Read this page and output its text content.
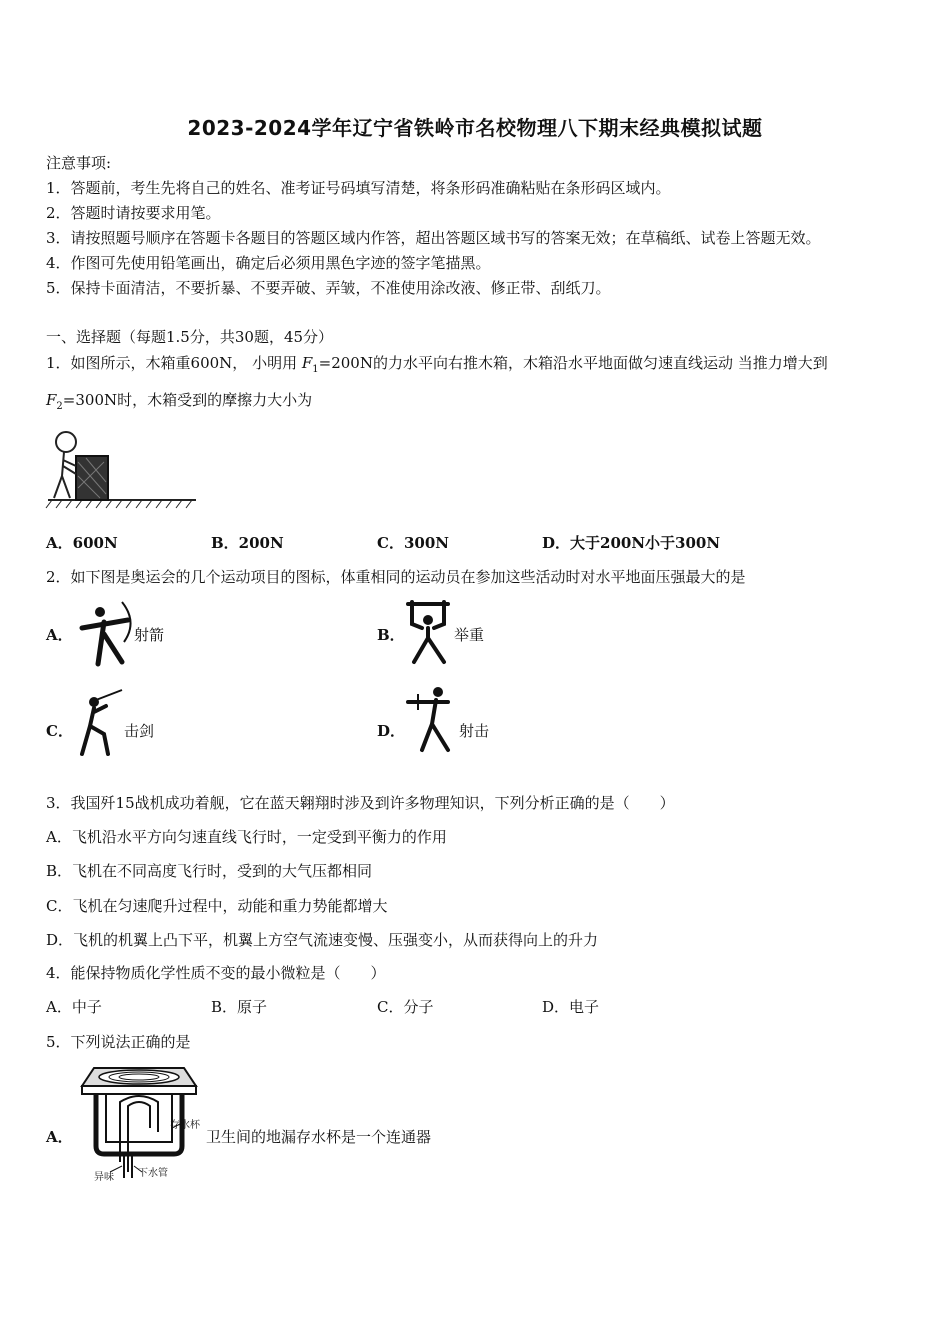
2023-2024学年辽宁省铁岭市名校物理八下期末经典模拟试题
注意事项:
1．答题前，考生先将自己的姓名、准考证号码填写清楚，将条形码准确粘贴在条形码区域内。
2．答题时请按要求用笔。
3．请按照题号顺序在答题卡各题目的答题区域内作答，超出答题区域书写的答案无效；在草稿纸、试卷上答题无效。
4．作图可先使用铅笔画出，确定后必须用黑色字迹的签字笔描黑。
5．保持卡面清洁，不要折暴、不要弄破、弄皱，不准使用涂改液、修正带、刮纸刀。
一、选择题（每题1.5分，共30题，45分）
1．如图所示，木箱重600N， 小明用 $F_1=200N$的力水平向右推木箱，木箱沿水平地面做匀速直线运动 当推力增大到
$F_2=300N$时，木箱受到的摩擦力大小为
A．600N	B．200N	C．300N	D．大于200N小于300N
2．如下图是奥运会的几个运动项目的图标，体重相同的运动员在参加这些活动时对水平地面压强最大的是
A．	射箭	B．	举重
C．	击剑	D．	射击
3．我国歼15战机成功着舰，它在蓝天翱翔时涉及到许多物理知识，下列分析正确的是（　　）
A．飞机沿水平方向匀速直线飞行时，一定受到平衡力的作用
B．飞机在不同高度飞行时，受到的大气压都相同
C．飞机在匀速爬升过程中，动能和重力势能都增大
D．飞机的机翼上凸下平，机翼上方空气流速变慢、压强变小，从而获得向上的升力
4．能保持物质化学性质不变的最小微粒是（　　）
A．中子	B．原子	C．分子	D．电子
5．下列说法正确的是
A．
存水杯
异味 下水管
卫生间的地漏存水杯是一个连通器
